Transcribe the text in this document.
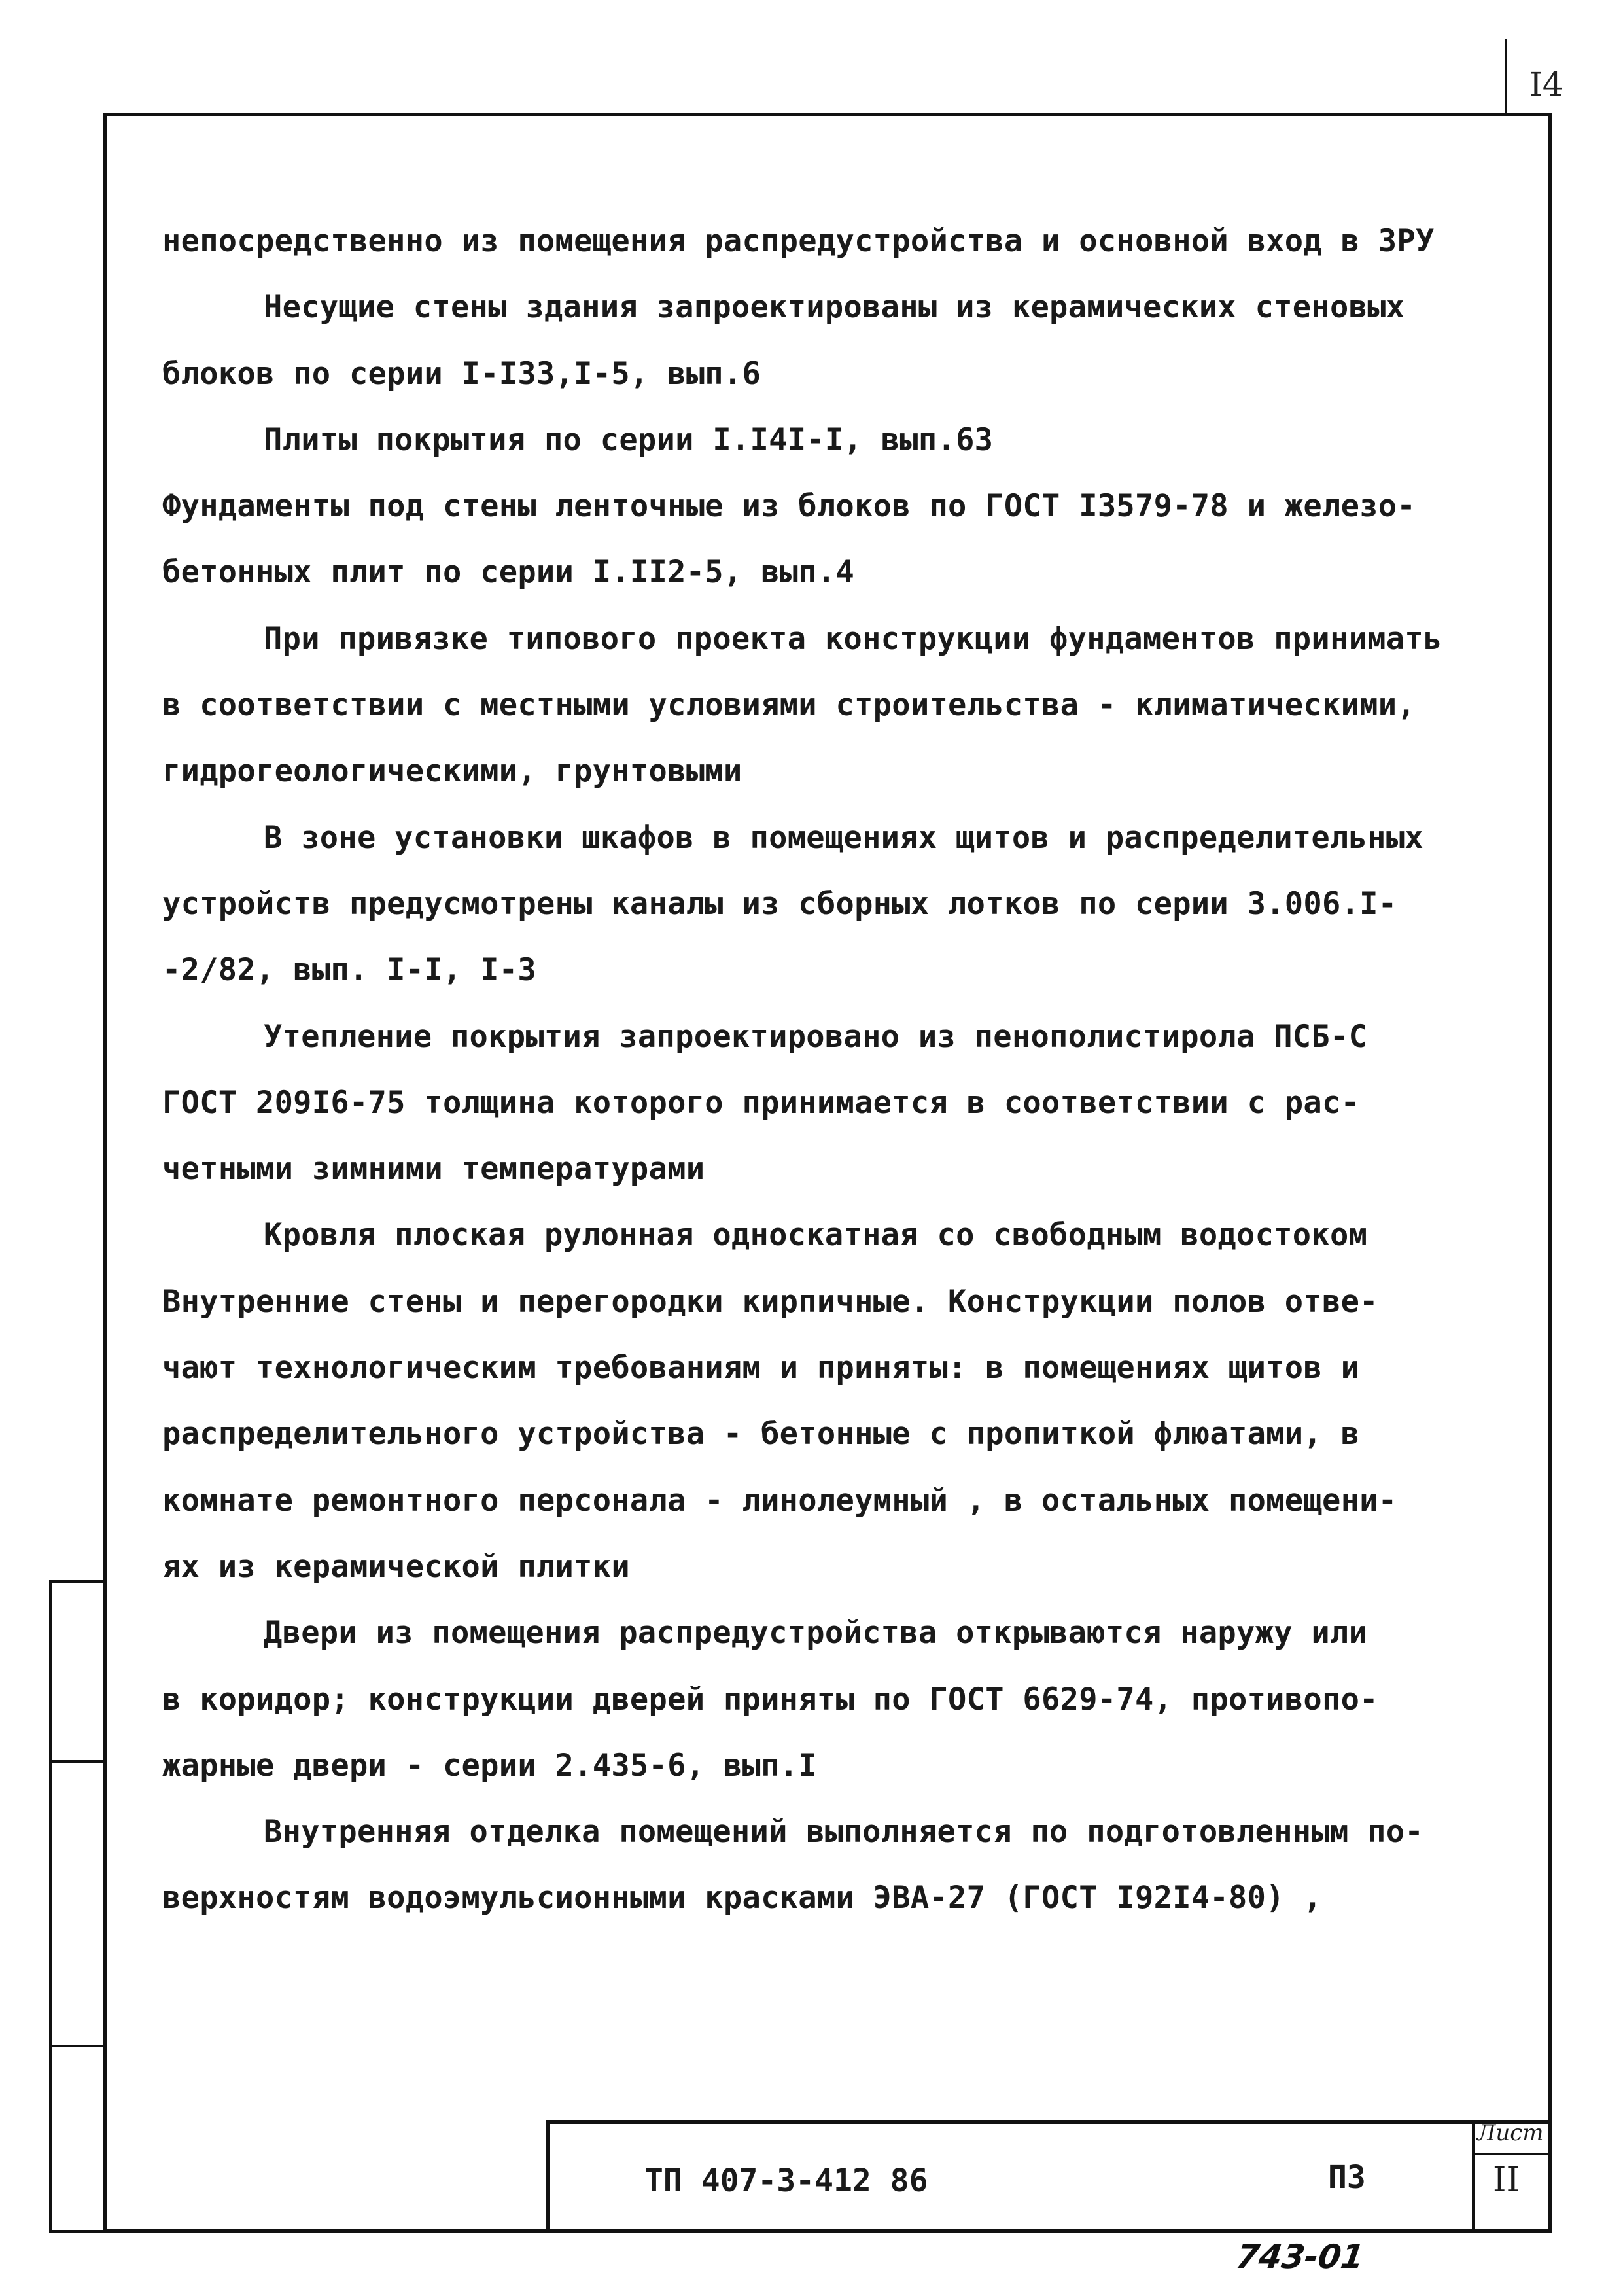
I4
непосредственно из помещения распредустройства и основной вход в ЗРУ
Несущие стены здания запроектированы из керамических стеновых
блоков по серии I-I33,I-5, вып.6
Плиты покрытия по серии I.I4I-I, вып.63
Фундаменты под стены ленточные из блоков по ГОСТ I3579-78 и железо-
бетонных плит по серии I.II2-5, вып.4
При привязке типового проекта конструкции фундаментов принимать
в соответствии с местными условиями строительства - климатическими,
гидрогеологическими, грунтовыми
В зоне установки шкафов в помещениях щитов и распределительных
устройств предусмотрены каналы из сборных лотков по серии 3.006.I-
-2/82, вып. I-I, I-3
Утепление покрытия запроектировано из пенополистирола ПСБ-С
ГОСТ 209I6-75 толщина которого принимается в соответствии с рас-
четными зимними температурами
Кровля плоская рулонная односкатная со свободным водостоком
Внутренние стены и перегородки кирпичные. Конструкции полов отве-
чают технологическим требованиям и приняты: в помещениях щитов и
распределительного устройства - бетонные с пропиткой флюатами, в
комнате ремонтного персонала - линолеумный , в остальных помещени-
ях из керамической плитки
Двери из помещения распредустройства открываются наружу или
в коридор; конструкции дверей приняты по ГОСТ 6629-74, противопо-
жарные двери - серии 2.435-6, вып.I
Внутренняя отделка помещений выполняется по подготовленным по-
верхностям водоэмульсионными красками ЭВА-27 (ГОСТ I92I4-80) ,
ТП 407-3-412 86	ПЗ
Лист
II
743-01
